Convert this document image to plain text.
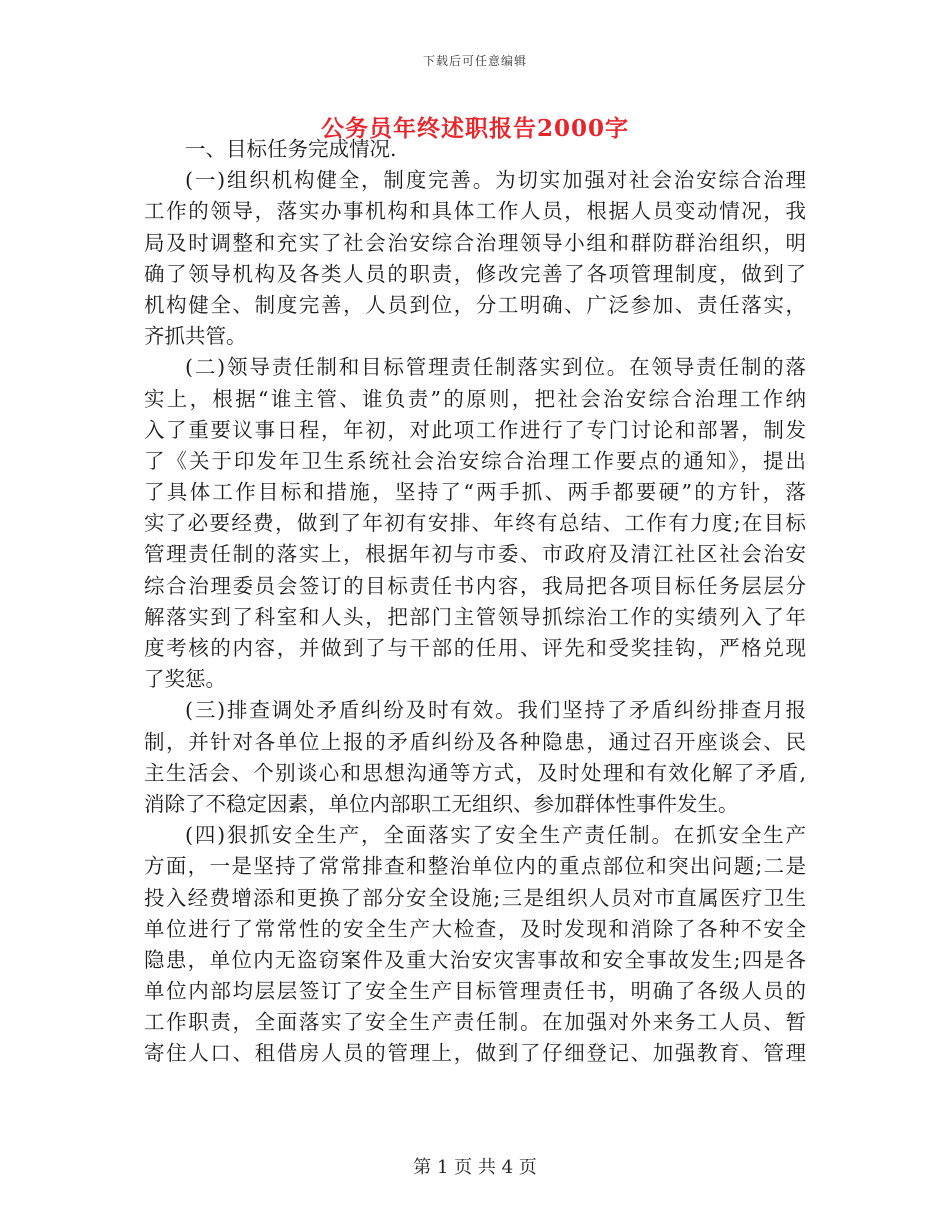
下载后可任意编辑
公务员年终述职报告2000字
一、目标任务完成情况.
(一)组织机构健全，制度完善。为切实加强对社会治安综合治理
工作的领导，落实办事机构和具体工作人员，根据人员变动情况，我
局及时调整和充实了社会治安综合治理领导小组和群防群治组织，明
确了领导机构及各类人员的职责，修改完善了各项管理制度，做到了
机构健全、制度完善，人员到位，分工明确、广泛参加、责任落实，
齐抓共管。
(二)领导责任制和目标管理责任制落实到位。在领导责任制的落
实上，根据“谁主管、谁负责”的原则，把社会治安综合治理工作纳
入了重要议事日程，年初，对此项工作进行了专门讨论和部署，制发
了《关于印发年卫生系统社会治安综合治理工作要点的通知》，提出
了具体工作目标和措施，坚持了“两手抓、两手都要硬”的方针，落
实了必要经费，做到了年初有安排、年终有总结、工作有力度;在目标
管理责任制的落实上，根据年初与市委、市政府及清江社区社会治安
综合治理委员会签订的目标责任书内容，我局把各项目标任务层层分
解落实到了科室和人头，把部门主管领导抓综治工作的实绩列入了年
度考核的内容，并做到了与干部的任用、评先和受奖挂钩，严格兑现
了奖惩。
(三)排查调处矛盾纠纷及时有效。我们坚持了矛盾纠纷排查月报
制，并针对各单位上报的矛盾纠纷及各种隐患，通过召开座谈会、民
主生活会、个别谈心和思想沟通等方式，及时处理和有效化解了矛盾,
消除了不稳定因素，单位内部职工无组织、参加群体性事件发生。
(四)狠抓安全生产，全面落实了安全生产责任制。在抓安全生产
方面，一是坚持了常常排查和整治单位内的重点部位和突出问题;二是
投入经费增添和更换了部分安全设施;三是组织人员对市直属医疗卫生
单位进行了常常性的安全生产大检查，及时发现和消除了各种不安全
隐患，单位内无盗窃案件及重大治安灾害事故和安全事故发生;四是各
单位内部均层层签订了安全生产目标管理责任书，明确了各级人员的
工作职责，全面落实了安全生产责任制。在加强对外来务工人员、暂
寄住人口、租借房人员的管理上，做到了仔细登记、加强教育、管理
第 1 页 共 4 页
